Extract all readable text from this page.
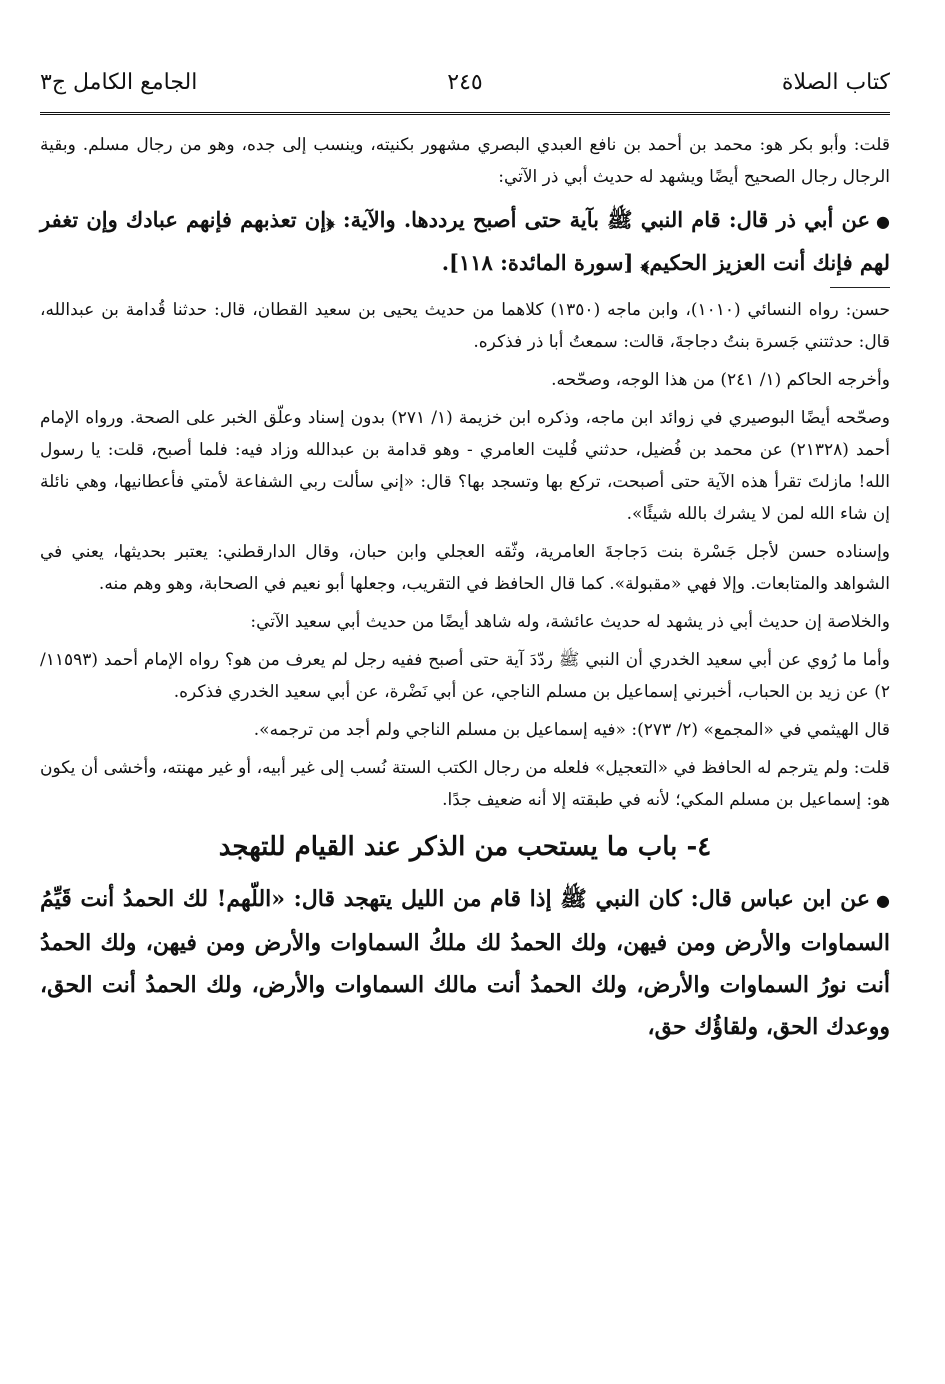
كتاب الصلاة
٢٤٥
الجامع الكامل ج٣

قلت: وأبو بكر هو: محمد بن أحمد بن نافع العبدي البصري مشهور بكنيته، وينسب إلى جده، وهو من رجال مسلم. وبقية الرجال رجال الصحيح أيضًا ويشهد له حديث أبي ذر الآتي:

●عن أبي ذر قال: قام النبي ﷺ بآية حتى أصبح يرددها. والآية: ﴿إن تعذبهم فإنهم عبادك وإن تغفر لهم فإنك أنت العزيز الحكيم﴾ [سورة المائدة: ١١٨].

حسن: رواه النسائي (١٠١٠)، وابن ماجه (١٣٥٠) كلاهما من حديث يحيى بن سعيد القطان، قال: حدثنا قُدامة بن عبدالله، قال: حدثتني جَسرة بنتُ دجاجةَ، قالت: سمعتُ أبا ذر فذكره.

وأخرجه الحاكم (١/ ٢٤١) من هذا الوجه، وصحّحه.

وصحّحه أيضًا البوصيري في زوائد ابن ماجه، وذكره ابن خزيمة (١/ ٢٧١) بدون إسناد وعلّق الخبر على الصحة. ورواه الإمام أحمد (٢١٣٢٨) عن محمد بن فُضيل، حدثني فُليت العامري - وهو قدامة بن عبدالله وزاد فيه: فلما أصبح، قلت: يا رسول الله! مازلتَ تقرأ هذه الآية حتى أصبحت، تركع بها وتسجد بها؟ قال: «إني سألت ربي الشفاعة لأمتي فأعطانيها، وهي نائلة إن شاء الله لمن لا يشرك بالله شيئًا».

وإسناده حسن لأجل جَسْرة بنت دَجاجةَ العامرية، وثّقه العجلي وابن حبان، وقال الدارقطني: يعتبر بحديثها، يعني في الشواهد والمتابعات. وإلا فهي «مقبولة». كما قال الحافظ في التقريب، وجعلها أبو نعيم في الصحابة، وهو وهم منه.

والخلاصة إن حديث أبي ذر يشهد له حديث عائشة، وله شاهد أيضًا من حديث أبي سعيد الآتي:

وأما ما رُوي عن أبي سعيد الخدري أن النبي ﷺ ردّدَ آية حتى أصبح ففيه رجل لم يعرف من هو؟ رواه الإمام أحمد (١١٥٩٣/ ٢) عن زيد بن الحباب، أخبرني إسماعيل بن مسلم الناجي، عن أبي نَضْرة، عن أبي سعيد الخدري فذكره.

قال الهيثمي في «المجمع» (٢/ ٢٧٣): «فيه إسماعيل بن مسلم الناجي ولم أجد من ترجمه».

قلت: ولم يترجم له الحافظ في «التعجيل» فلعله من رجال الكتب الستة نُسب إلى غير أبيه، أو غير مهنته، وأخشى أن يكون هو: إسماعيل بن مسلم المكي؛ لأنه في طبقته إلا أنه ضعيف جدًا.

٤- باب ما يستحب من الذكر عند القيام للتهجد

●عن ابن عباس قال: كان النبي ﷺ إذا قام من الليل يتهجد قال: «اللّهم! لك الحمدُ أنت قَيِّمُ السماوات والأرض ومن فيهن، ولك الحمدُ لك ملكُ السماوات والأرض ومن فيهن، ولك الحمدُ أنت نورُ السماوات والأرض، ولك الحمدُ أنت مالك السماوات والأرض، ولك الحمدُ أنت الحق، ووعدك الحق، ولقاؤُك حق،
